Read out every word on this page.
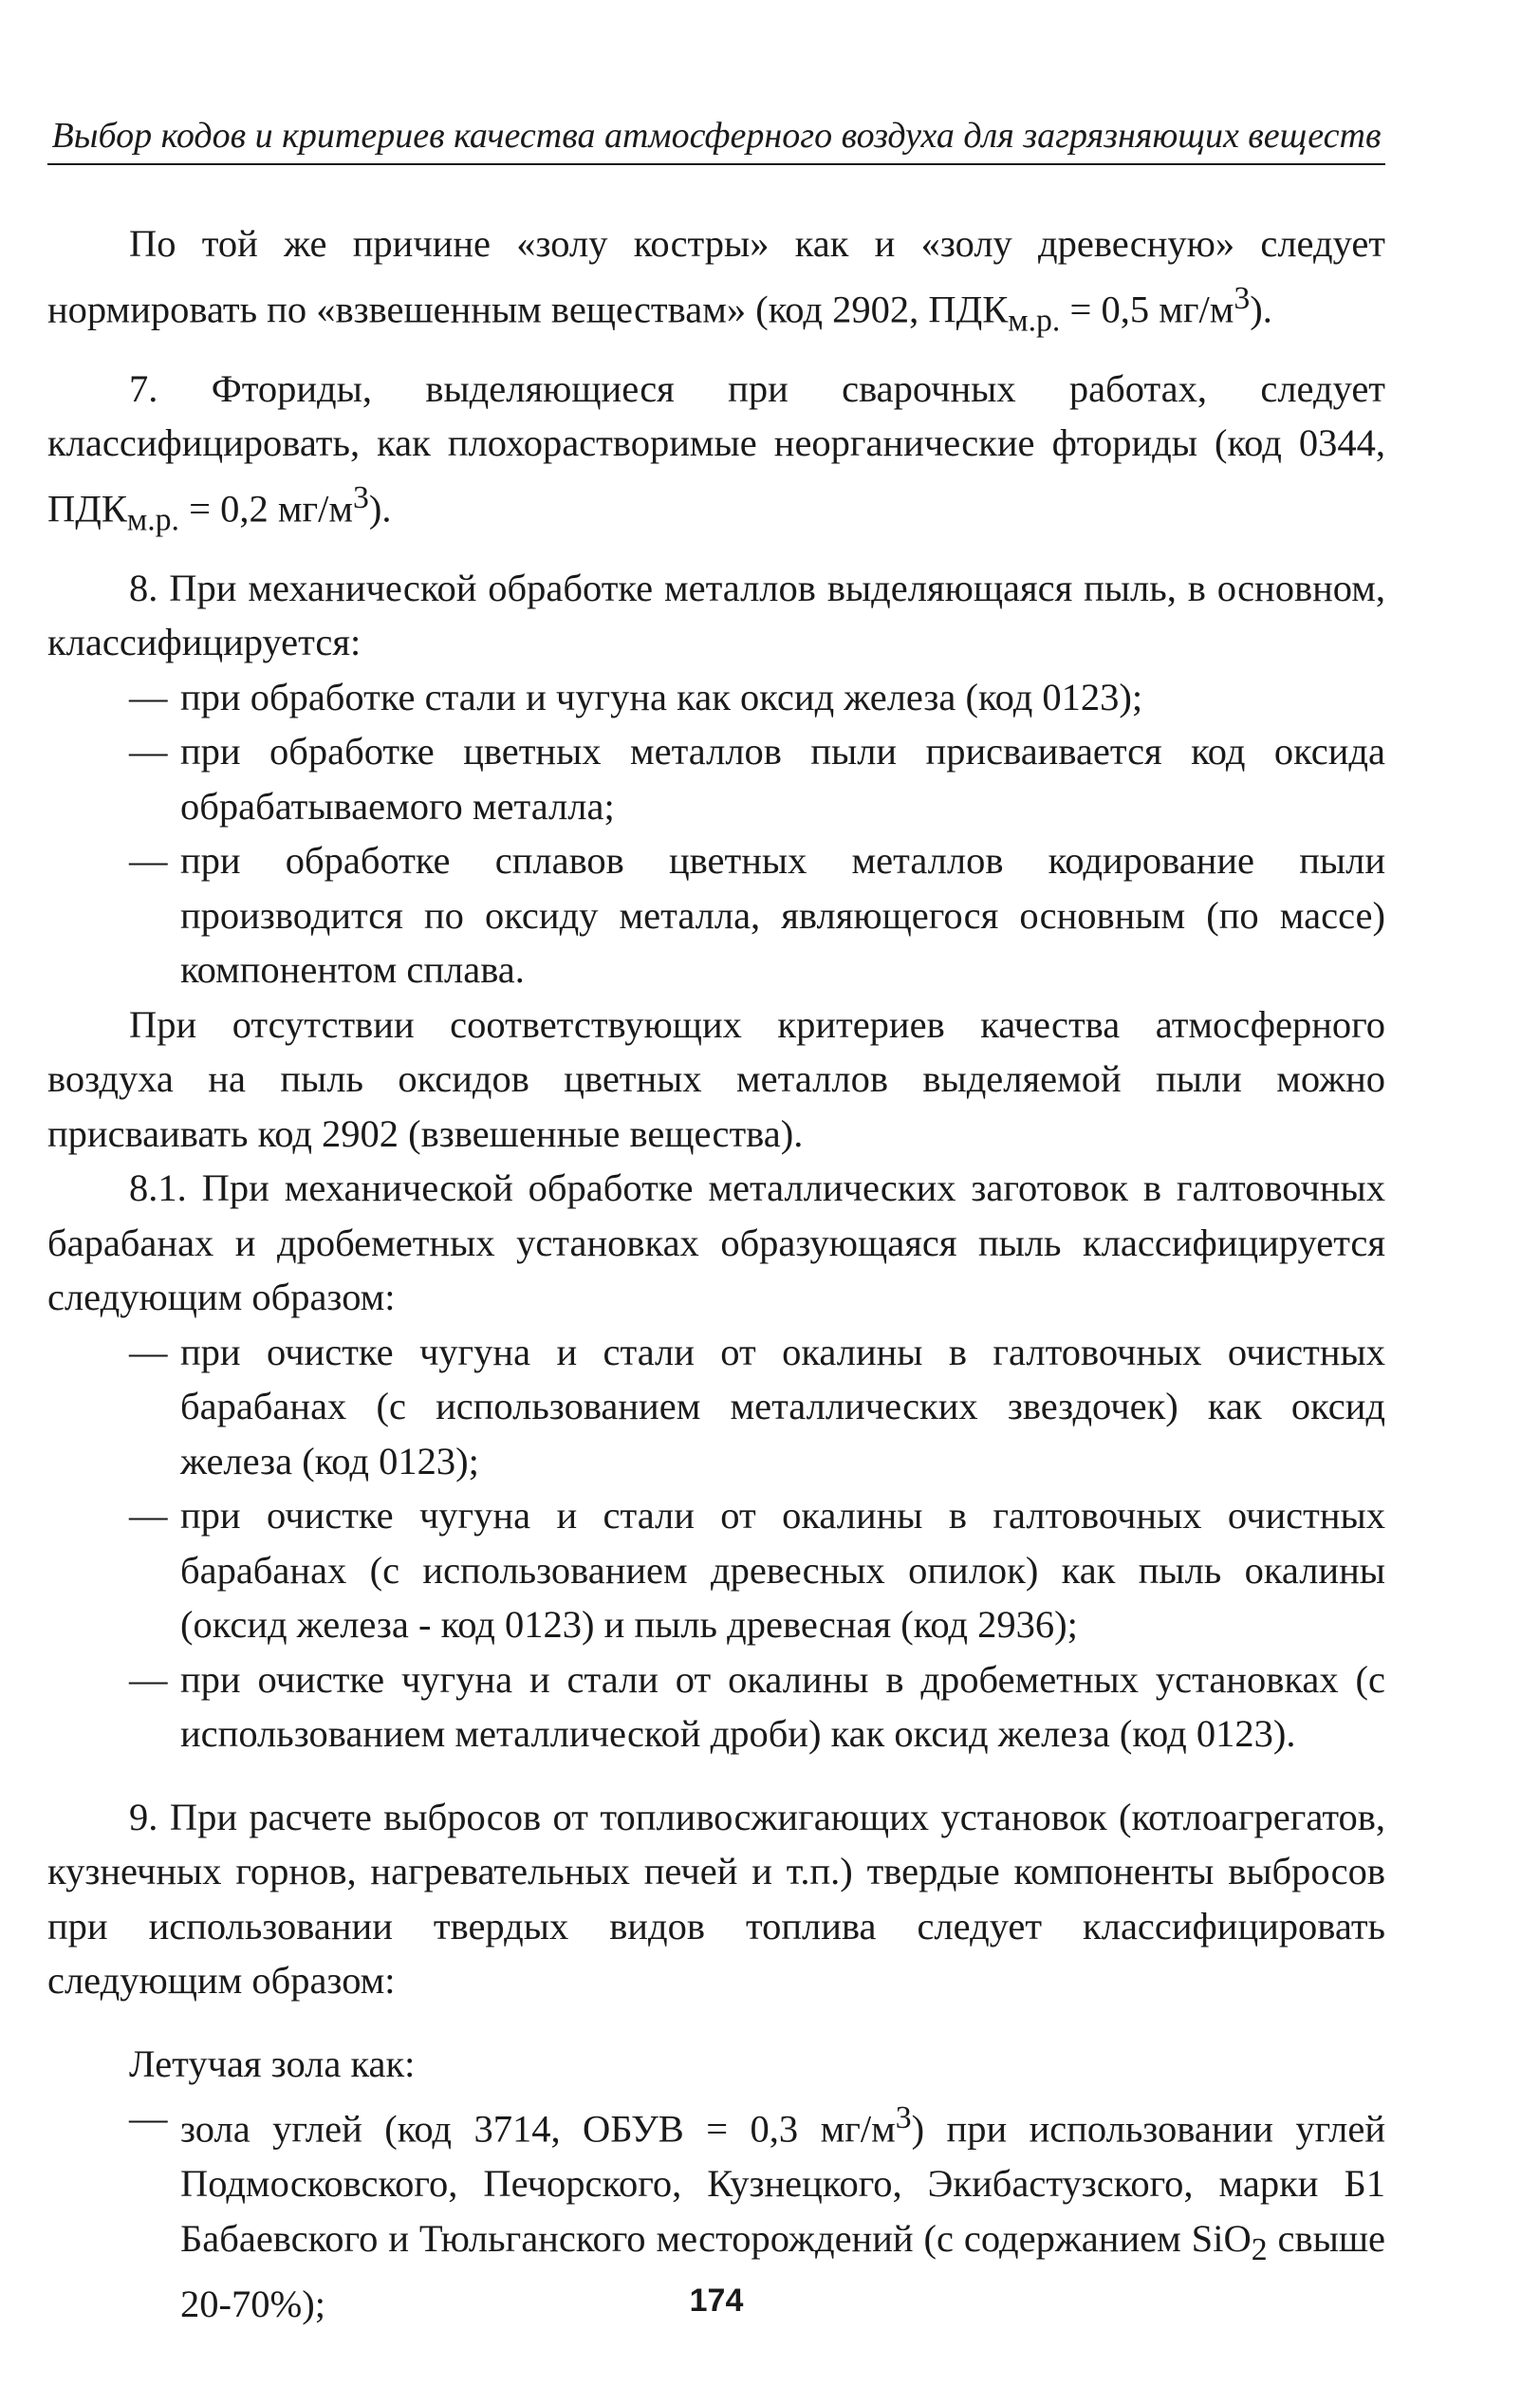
Выбор кодов и критериев качества атмосферного воздуха для загрязняющих веществ

По той же причине «золу костры» как и «золу древесную» следует нормировать по «взвешенным веществам» (код 2902, $ПДК_{м.р.} = 0,5$ $мг/м^3$).

7. Фториды, выделяющиеся при сварочных работах, следует классифицировать, как плохорастворимые неорганические фториды (код 0344, $ПДК_{м.р.} = 0,2$ $мг/м^3$).

8. При механической обработке металлов выделяющаяся пыль, в основном, классифицируется:

— при обработке стали и чугуна как оксид железа (код 0123);

— при обработке цветных металлов пыли присваивается код оксида обрабатываемого металла;

— при обработке сплавов цветных металлов кодирование пыли производится по оксиду металла, являющегося основным (по массе) компонентом сплава.

При отсутствии соответствующих критериев качества атмосферного воздуха на пыль оксидов цветных металлов выделяемой пыли можно присваивать код 2902 (взвешенные вещества).

8.1. При механической обработке металлических заготовок в галтовочных барабанах и дробеметных установках образующаяся пыль классифицируется следующим образом:

— при очистке чугуна и стали от окалины в галтовочных очистных барабанах (с использованием металлических звездочек) как оксид железа (код 0123);

— при очистке чугуна и стали от окалины в галтовочных очистных барабанах (с использованием древесных опилок) как пыль окалины (оксид железа - код 0123) и пыль древесная (код 2936);

— при очистке чугуна и стали от окалины в дробеметных установках (с использованием металлической дроби) как оксид железа (код 0123).

9. При расчете выбросов от топливосжигающих установок (котлоагрегатов, кузнечных горнов, нагревательных печей и т.п.) твердые компоненты выбросов при использовании твердых видов топлива следует классифицировать следующим образом:

Летучая зола как:

— зола углей (код 3714, ОБУВ = 0,3 $мг/м^3$) при использовании углей Подмосковского, Печорского, Кузнецкого, Экибастузского, марки Б1 Бабаевского и Тюльганского месторождений (с содержанием SiO$_2$ свыше 20-70%);	174
